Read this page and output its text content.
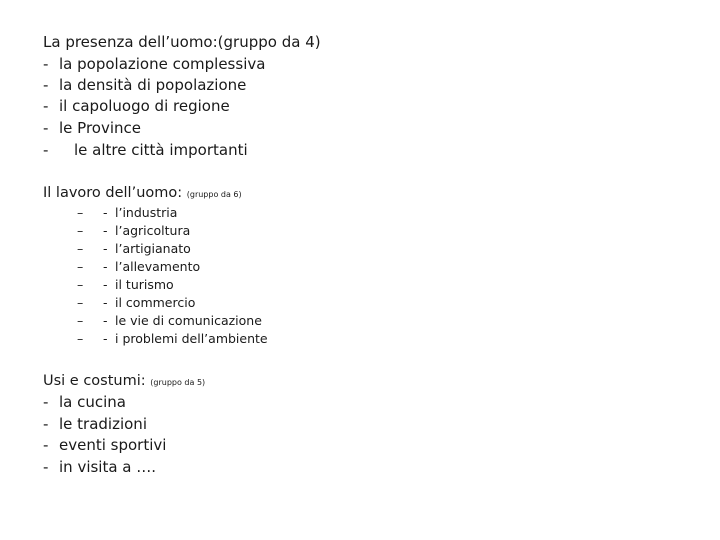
La presenza dell’uomo:(gruppo da 4)
- la popolazione complessiva
- la densità di popolazione
- il capoluogo di regione
- le Province
- le altre città importanti
Il lavoro dell’uomo: (gruppo da 6)
– - l’industria
– - l’agricoltura
– - l’artigianato
– - l’allevamento
– - il turismo
– - il commercio
– - le vie di comunicazione
– - i problemi dell’ambiente
Usi e costumi: (gruppo da 5)
- la cucina
- le tradizioni
- eventi sportivi
- in visita a ….
